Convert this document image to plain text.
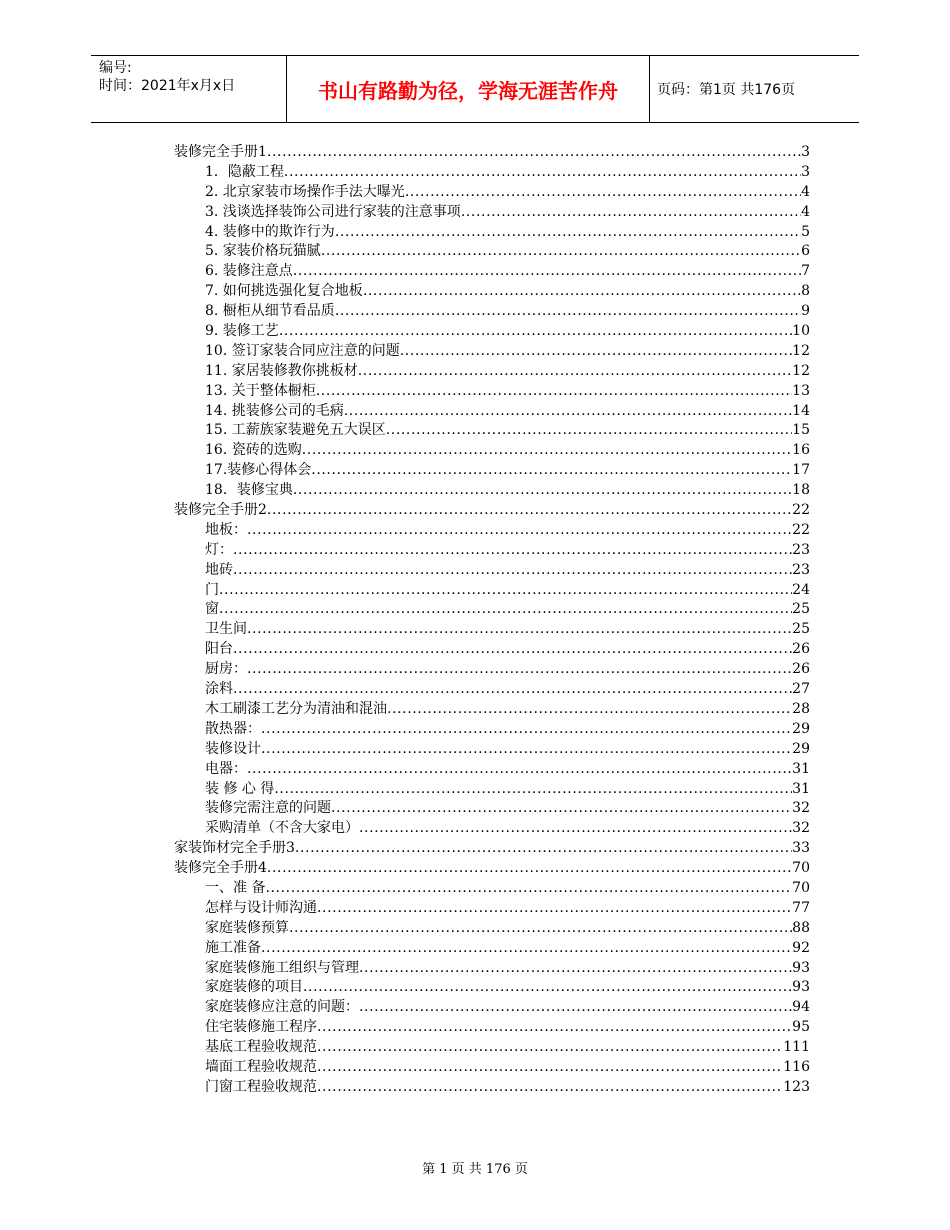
编号:
时间：2021年x月x日	书山有路勤为径，学海无涯苦作舟	页码：第1页 共176页
装修完全手册1 .....	3
1．隐蔽工程 .....	3
2. 北京家装市场操作手法大曝光 .....	4
3. 浅谈选择装饰公司进行家装的注意事项 .....	4
4. 装修中的欺诈行为 .....	5
5. 家装价格玩猫腻 .....	6
6. 装修注意点 .....	7
7. 如何挑选强化复合地板 .....	8
8. 橱柜从细节看品质 .....	9
9. 装修工艺 .....	10
10. 签订家装合同应注意的问题 .....	12
11. 家居装修教你挑板材 .....	12
13. 关于整体橱柜 .....	13
14. 挑装修公司的毛病 .....	14
15. 工薪族家装避免五大误区 .....	15
16. 瓷砖的选购 .....	16
17.装修心得体会 .....	17
18．装修宝典 .....	18
装修完全手册2 .....	22
地板： .....	22
灯： .....	23
地砖 .....	23
门 .....	24
窗 .....	25
卫生间 .....	25
阳台 .....	26
厨房： .....	26
涂料 .....	27
木工刷漆工艺分为清油和混油 .....	28
散热器： .....	29
装修设计 .....	29
电器： .....	31
装 修 心 得 .....	31
装修完需注意的问题 .....	32
采购清单（不含大家电） .....	32
家装饰材完全手册3 .....	33
装修完全手册4 .....	70
一、准 备 .....	70
怎样与设计师沟通 .....	77
家庭装修预算 .....	88
施工准备 .....	92
家庭装修施工组织与管理 .....	93
家庭装修的项目 .....	93
家庭装修应注意的问题： .....	94
住宅装修施工程序 .....	95
基底工程验收规范 .....	111
墙面工程验收规范 .....	116
门窗工程验收规范 .....	123
第 1 页 共 176 页
